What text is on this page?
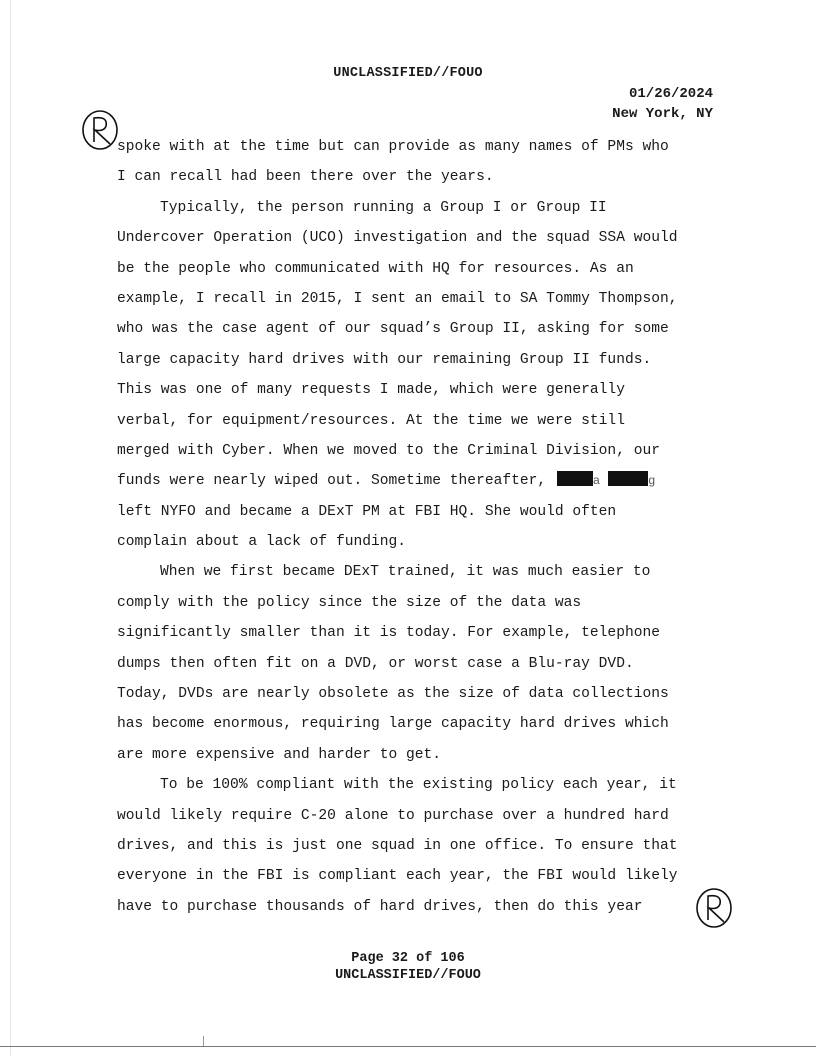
UNCLASSIFIED//FOUO
01/26/2024
New York, NY
spoke with at the time but can provide as many names of PMs who
I can recall had been there over the years.
Typically, the person running a Group I or Group II
Undercover Operation (UCO) investigation and the squad SSA would
be the people who communicated with HQ for resources. As an
example, I recall in 2015, I sent an email to SA Tommy Thompson,
who was the case agent of our squad’s Group II, asking for some
large capacity hard drives with our remaining Group II funds.
This was one of many requests I made, which were generally
verbal, for equipment/resources. At the time we were still
merged with Cyber. When we moved to the Criminal Division, our
funds were nearly wiped out. Sometime thereafter,	a	g
left NYFO and became a DExT PM at FBI HQ. She would often
complain about a lack of funding.
When we first became DExT trained, it was much easier to
comply with the policy since the size of the data was
significantly smaller than it is today. For example, telephone
dumps then often fit on a DVD, or worst case a Blu-ray DVD.
Today, DVDs are nearly obsolete as the size of data collections
has become enormous, requiring large capacity hard drives which
are more expensive and harder to get.
To be 100% compliant with the existing policy each year, it
would likely require C-20 alone to purchase over a hundred hard
drives, and this is just one squad in one office. To ensure that
everyone in the FBI is compliant each year, the FBI would likely
have to purchase thousands of hard drives, then do this year
Page 32 of 106
UNCLASSIFIED//FOUO
